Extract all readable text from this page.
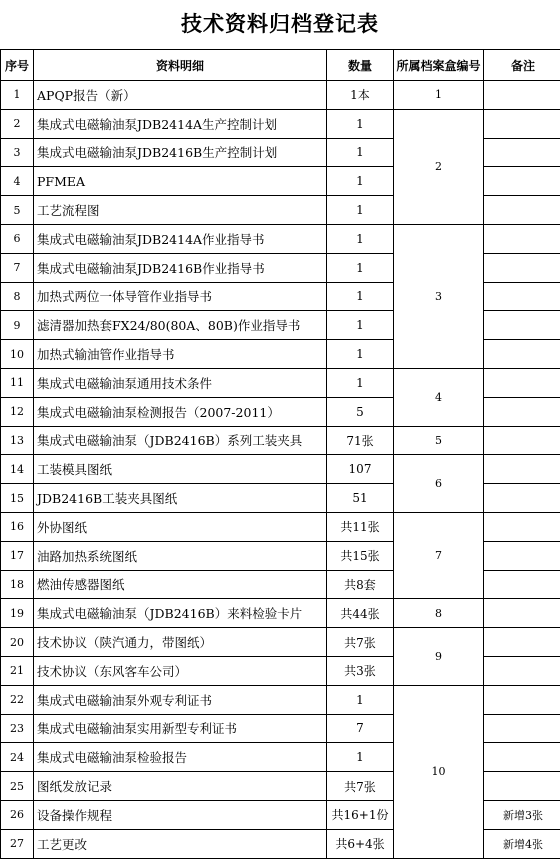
技术资料归档登记表
序号	资料明细	数量	所属档案盒编号	备注
1	APQP报告（新）	1本	1	
2	集成式电磁输油泵JDB2414A生产控制计划	1	2	
3	集成式电磁输油泵JDB2416B生产控制计划	1		
4	PFMEA	1		
5	工艺流程图	1		
6	集成式电磁输油泵JDB2414A作业指导书	1	3	
7	集成式电磁输油泵JDB2416B作业指导书	1		
8	加热式两位一体导管作业指导书	1		
9	滤清器加热套FX24/80(80A、80B)作业指导书	1		
10	加热式输油管作业指导书	1		
11	集成式电磁输油泵通用技术条件	1	4	
12	集成式电磁输油泵检测报告（2007-2011）	5		
13	集成式电磁输油泵（JDB2416B）系列工装夹具	71张	5	
14	工装模具图纸	107	6	
15	JDB2416B工装夹具图纸	51		
16	外协图纸	共11张	7	
17	油路加热系统图纸	共15张		
18	燃油传感器图纸	共8套		
19	集成式电磁输油泵（JDB2416B）来料检验卡片	共44张	8	
20	技术协议（陕汽通力，带图纸）	共7张	9	
21	技术协议（东风客车公司）	共3张		
22	集成式电磁输油泵外观专利证书	1	10	
23	集成式电磁输油泵实用新型专利证书	7		
24	集成式电磁输油泵检验报告	1		
25	图纸发放记录	共7张		
26	设备操作规程	共16+1份		新增3张
27	工艺更改	共6+4张		新增4张
